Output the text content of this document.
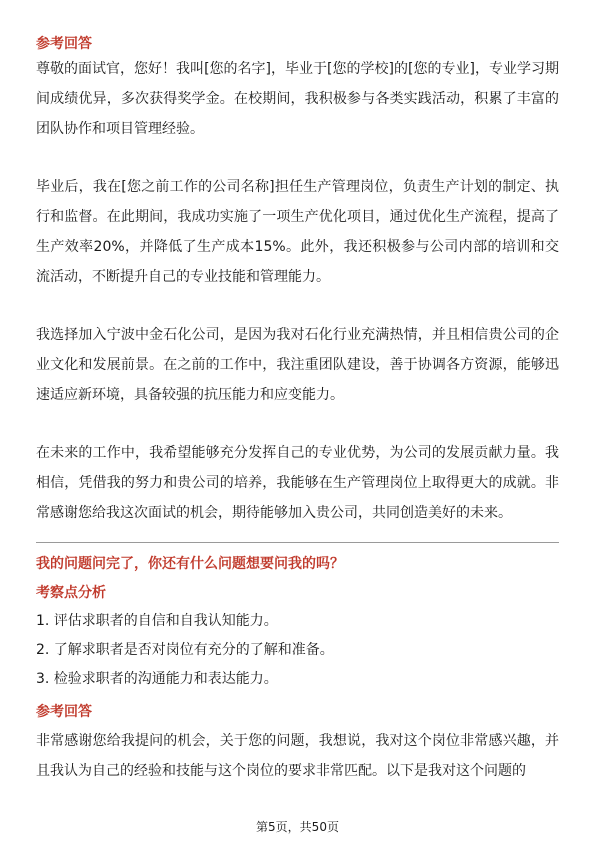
参考回答

尊敬的面试官，您好！我叫[您的名字]，毕业于[您的学校]的[您的专业]，专业学习期间成绩优异，多次获得奖学金。在校期间，我积极参与各类实践活动，积累了丰富的团队协作和项目管理经验。

毕业后，我在[您之前工作的公司名称]担任生产管理岗位，负责生产计划的制定、执行和监督。在此期间，我成功实施了一项生产优化项目，通过优化生产流程，提高了生产效率20%，并降低了生产成本15%。此外，我还积极参与公司内部的培训和交流活动，不断提升自己的专业技能和管理能力。

我选择加入宁波中金石化公司，是因为我对石化行业充满热情，并且相信贵公司的企业文化和发展前景。在之前的工作中，我注重团队建设，善于协调各方资源，能够迅速适应新环境，具备较强的抗压能力和应变能力。

在未来的工作中，我希望能够充分发挥自己的专业优势，为公司的发展贡献力量。我相信，凭借我的努力和贵公司的培养，我能够在生产管理岗位上取得更大的成就。非常感谢您给我这次面试的机会，期待能够加入贵公司，共同创造美好的未来。

我的问题问完了，你还有什么问题想要问我的吗？

考察点分析

1. 评估求职者的自信和自我认知能力。
2. 了解求职者是否对岗位有充分的了解和准备。
3. 检验求职者的沟通能力和表达能力。

参考回答

非常感谢您给我提问的机会，关于您的问题，我想说，我对这个岗位非常感兴趣，并且我认为自己的经验和技能与这个岗位的要求非常匹配。以下是我对这个问题的

第5页，共50页
